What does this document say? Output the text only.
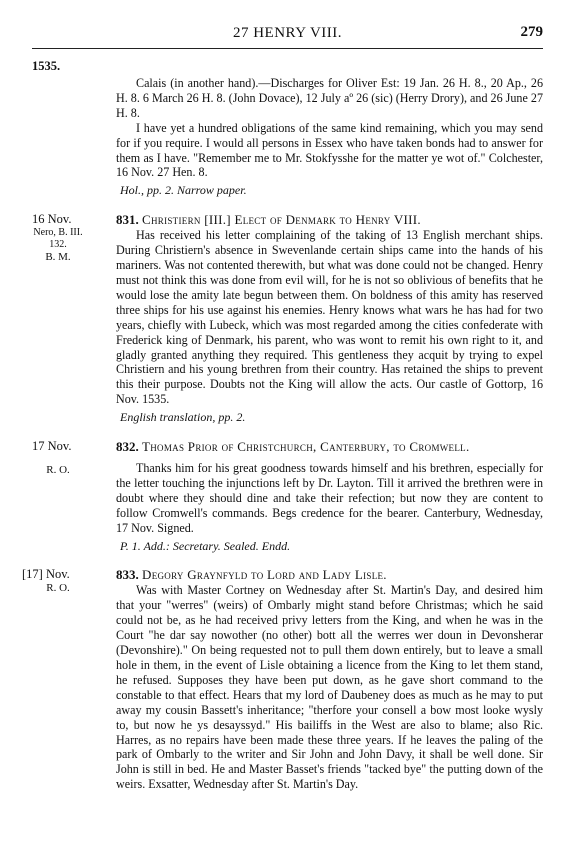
27 HENRY VIII.	279
1535.
Calais (in another hand).—Discharges for Oliver Est: 19 Jan. 26 H. 8., 20 Ap., 26 H. 8. 6 March 26 H. 8. (John Dovace), 12 July aº 26 (sic) (Herry Drory), and 26 June 27 H. 8.
I have yet a hundred obligations of the same kind remaining, which you may send for if you require. I would all persons in Essex who have taken bonds had to answer for them as I have. "Remember me to Mr. Stokfysshe for the matter ye wot of." Colchester, 16 Nov. 27 Hen. 8.
Hol., pp. 2. Narrow paper.
16 Nov.
Nero, B. III.
132.
B. M.
831. Christiern [III.] Elect of Denmark to Henry VIII.
Has received his letter complaining of the taking of 13 English merchant ships. During Christiern's absence in Swevenlande certain ships came into the hands of his mariners. Was not contented therewith, but what was done could not be changed. Henry must not think this was done from evil will, for he is not so oblivious of benefits that he would lose the amity late begun between them. On boldness of this amity has reserved three ships for his use against his enemies. Henry knows what wars he has had for two years, chiefly with Lubeck, which was most regarded among the cities confederate with Frederick king of Denmark, his parent, who was wont to remit his own right to it, and gladly granted anything they required. This gentleness they acquit by trying to expel Christiern and his young brethren from their country. Has retained the ships to prevent this their purpose. Doubts not the King will allow the acts. Our castle of Gottorp, 16 Nov. 1535.
English translation, pp. 2.
17 Nov.
R. O.
832. Thomas Prior of Christchurch, Canterbury, to Cromwell.
Thanks him for his great goodness towards himself and his brethren, especially for the letter touching the injunctions left by Dr. Layton. Till it arrived the brethren were in doubt where they should dine and take their refection; but now they are content to follow Cromwell's commands. Begs credence for the bearer. Canterbury, Wednesday, 17 Nov. Signed.
P. 1. Add.: Secretary. Sealed. Endd.
[17] Nov.
R. O.
833. Degory Graynfyld to Lord and Lady Lisle.
Was with Master Cortney on Wednesday after St. Martin's Day, and desired him that your "werres" (weirs) of Ombarly might stand before Christmas; which he said could not be, as he had received privy letters from the King, and when he was in the Court "he dar say nowother (no other) bott all the werres wer doun in Devonsherar (Devonshire)." On being requested not to pull them down entirely, but to leave a small hole in them, in the event of Lisle obtaining a licence from the King to let them stand, he refused. Supposes they have been put down, as he gave short command to the constable to that effect. Hears that my lord of Daubeney does as much as he may to put away my cousin Bassett's inheritance; "therfore your consell a bow most looke wysly to, but now he ys desayssyd." His bailiffs in the West are also to blame; also Ric. Harres, as no repairs have been made these three years. If he leaves the paling of the park of Ombarly to the writer and Sir John and John Davy, it shall be well done. Sir John is still in bed. He and Master Basset's friends "tacked bye" the putting down of the weirs. Exsatter, Wednesday after St. Martin's Day.
